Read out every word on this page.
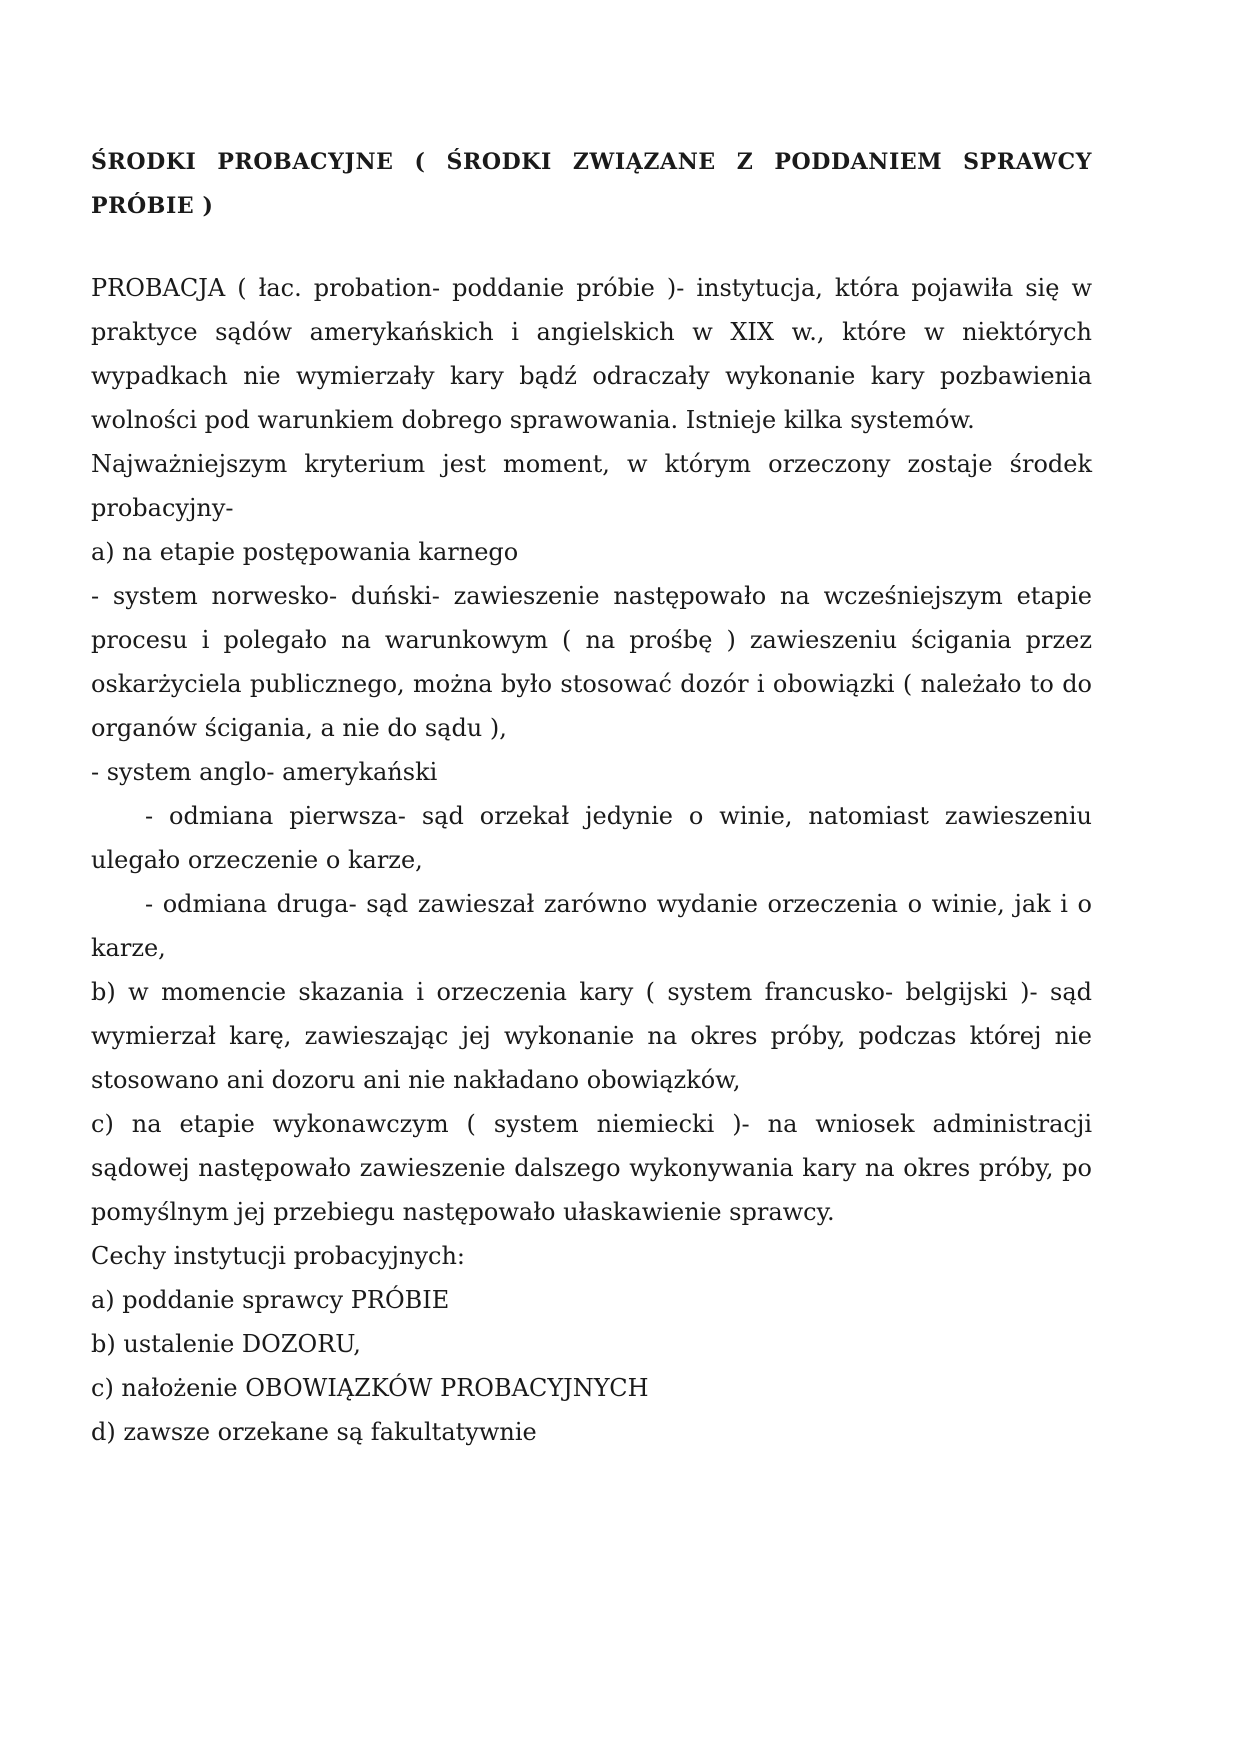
ŚRODKI PROBACYJNE ( ŚRODKI ZWIĄZANE Z PODDANIEM SPRAWCY PRÓBIE )

PROBACJA ( łac. probation- poddanie próbie )- instytucja, która pojawiła się w praktyce sądów amerykańskich i angielskich w XIX w., które w niektórych wypadkach nie wymierzały kary bądź odraczały wykonanie kary pozbawienia wolności pod warunkiem dobrego sprawowania. Istnieje kilka systemów.

Najważniejszym kryterium jest moment, w którym orzeczony zostaje środek probacyjny-

a) na etapie postępowania karnego

- system norwesko- duński- zawieszenie następowało na wcześniejszym etapie procesu i polegało na warunkowym ( na prośbę ) zawieszeniu ścigania przez oskarżyciela publicznego, można było stosować dozór i obowiązki ( należało to do organów ścigania, a nie do sądu ),

- system anglo- amerykański

- odmiana pierwsza- sąd orzekał jedynie o winie, natomiast zawieszeniu ulegało orzeczenie o karze,

- odmiana druga- sąd zawieszał zarówno wydanie orzeczenia o winie, jak i o karze,

b) w momencie skazania i orzeczenia kary ( system francusko- belgijski )- sąd wymierzał karę, zawieszając jej wykonanie na okres próby, podczas której nie stosowano ani dozoru ani nie nakładano obowiązków,

c) na etapie wykonawczym ( system niemiecki )- na wniosek administracji sądowej następowało zawieszenie dalszego wykonywania kary na okres próby, po pomyślnym jej przebiegu następowało ułaskawienie sprawcy.

Cechy instytucji probacyjnych:

a) poddanie sprawcy PRÓBIE

b) ustalenie DOZORU,

c) nałożenie OBOWIĄZKÓW PROBACYJNYCH

d) zawsze orzekane są fakultatywnie
